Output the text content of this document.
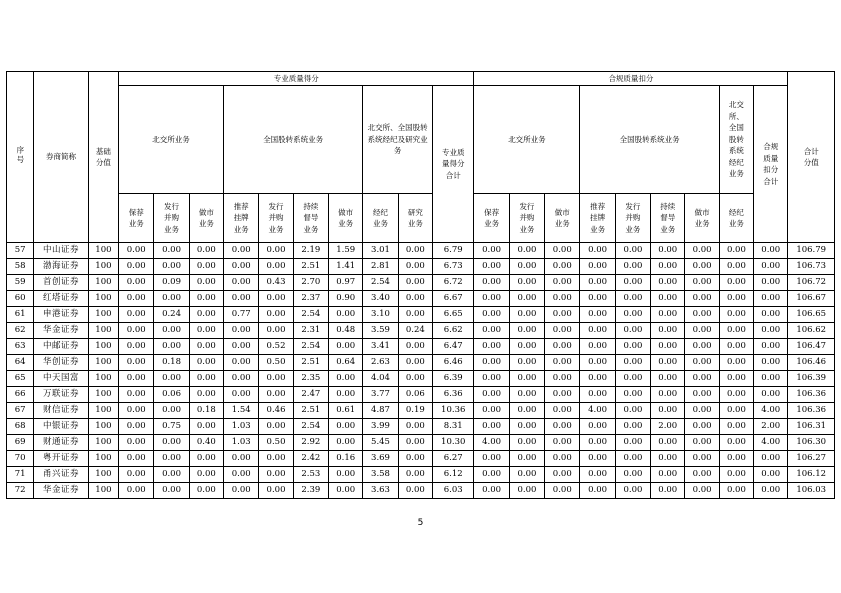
序号	券商简称	基础分值	专业质量得分										合规质量扣分									合计分值
			北交所业务			全国股转系统业务				北交所、全国股转系统经纪及研究业务		专业质量得分合计	北交所业务			全国股转系统业务				北交所、全国股转系统经纪业务	合规质量扣分合计	
			保荐业务	发行并购业务	做市业务	推荐挂牌业务	发行并购业务	持续督导业务	做市业务	经纪业务	研究业务		保荐业务	发行并购业务	做市业务	推荐挂牌业务	发行并购业务	持续督导业务	做市业务	经纪业务		
57	中山证券	100	0.00	0.00	0.00	0.00	0.00	2.19	1.59	3.01	0.00	6.79	0.00	0.00	0.00	0.00	0.00	0.00	0.00	0.00	0.00	106.79
58	渤海证券	100	0.00	0.00	0.00	0.00	0.00	2.51	1.41	2.81	0.00	6.73	0.00	0.00	0.00	0.00	0.00	0.00	0.00	0.00	0.00	106.73
59	首创证券	100	0.00	0.09	0.00	0.00	0.43	2.70	0.97	2.54	0.00	6.72	0.00	0.00	0.00	0.00	0.00	0.00	0.00	0.00	0.00	106.72
60	红塔证券	100	0.00	0.00	0.00	0.00	0.00	2.37	0.90	3.40	0.00	6.67	0.00	0.00	0.00	0.00	0.00	0.00	0.00	0.00	0.00	106.67
61	申港证券	100	0.00	0.24	0.00	0.77	0.00	2.54	0.00	3.10	0.00	6.65	0.00	0.00	0.00	0.00	0.00	0.00	0.00	0.00	0.00	106.65
62	华金证券	100	0.00	0.00	0.00	0.00	0.00	2.31	0.48	3.59	0.24	6.62	0.00	0.00	0.00	0.00	0.00	0.00	0.00	0.00	0.00	106.62
63	中邮证券	100	0.00	0.00	0.00	0.00	0.52	2.54	0.00	3.41	0.00	6.47	0.00	0.00	0.00	0.00	0.00	0.00	0.00	0.00	0.00	106.47
64	华创证券	100	0.00	0.18	0.00	0.00	0.50	2.51	0.64	2.63	0.00	6.46	0.00	0.00	0.00	0.00	0.00	0.00	0.00	0.00	0.00	106.46
65	中天国富	100	0.00	0.00	0.00	0.00	0.00	2.35	0.00	4.04	0.00	6.39	0.00	0.00	0.00	0.00	0.00	0.00	0.00	0.00	0.00	106.39
66	万联证券	100	0.00	0.06	0.00	0.00	0.00	2.47	0.00	3.77	0.06	6.36	0.00	0.00	0.00	0.00	0.00	0.00	0.00	0.00	0.00	106.36
67	财信证券	100	0.00	0.00	0.18	1.54	0.46	2.51	0.61	4.87	0.19	10.36	0.00	0.00	0.00	4.00	0.00	0.00	0.00	0.00	4.00	106.36
68	中银证券	100	0.00	0.75	0.00	1.03	0.00	2.54	0.00	3.99	0.00	8.31	0.00	0.00	0.00	0.00	0.00	2.00	0.00	0.00	2.00	106.31
69	财通证券	100	0.00	0.00	0.40	1.03	0.50	2.92	0.00	5.45	0.00	10.30	4.00	0.00	0.00	0.00	0.00	0.00	0.00	0.00	4.00	106.30
70	粤开证券	100	0.00	0.00	0.00	0.00	0.00	2.42	0.16	3.69	0.00	6.27	0.00	0.00	0.00	0.00	0.00	0.00	0.00	0.00	0.00	106.27
71	甬兴证券	100	0.00	0.00	0.00	0.00	0.00	2.53	0.00	3.58	0.00	6.12	0.00	0.00	0.00	0.00	0.00	0.00	0.00	0.00	0.00	106.12
72	华金证券	100	0.00	0.00	0.00	0.00	0.00	2.39	0.00	3.63	0.00	6.03	0.00	0.00	0.00	0.00	0.00	0.00	0.00	0.00	0.00	106.03
5
